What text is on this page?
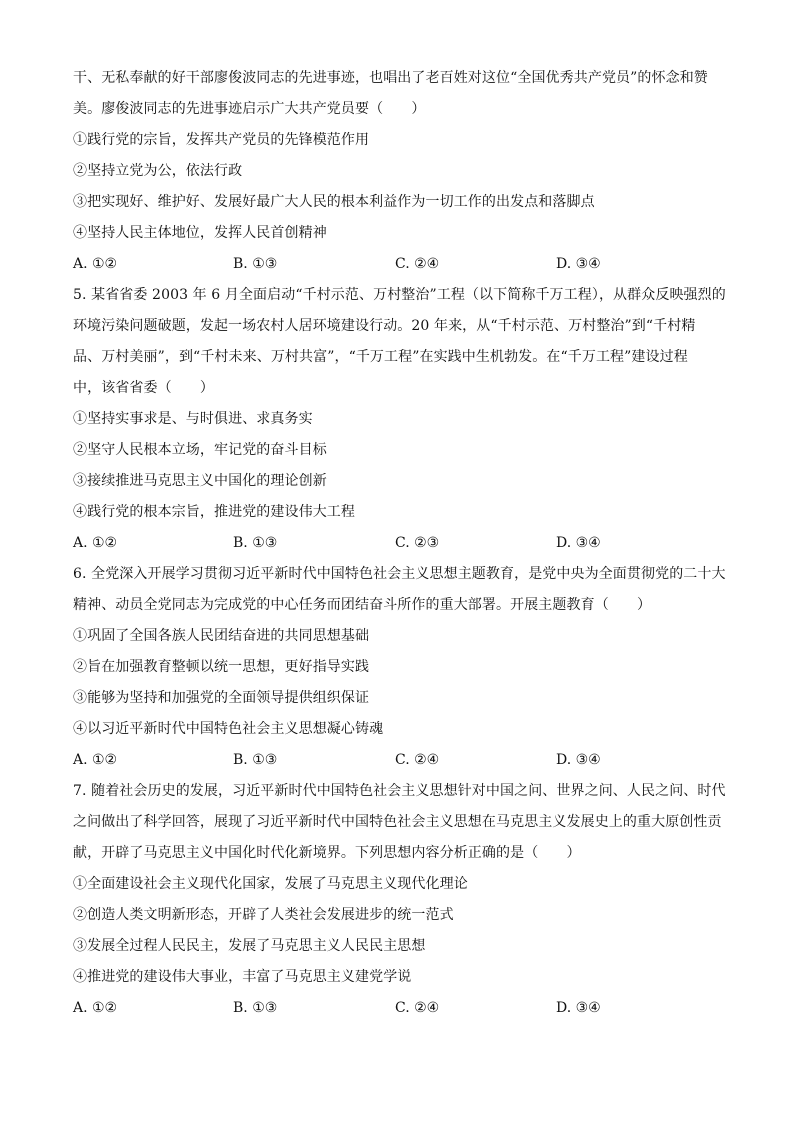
干、无私奉献的好干部廖俊波同志的先进事迹，也唱出了老百姓对这位“全国优秀共产党员”的怀念和赞
美。廖俊波同志的先进事迹启示广大共产党员要（　　）
①践行党的宗旨，发挥共产党员的先锋模范作用
②坚持立党为公，依法行政
③把实现好、维护好、发展好最广大人民的根本利益作为一切工作的出发点和落脚点
④坚持人民主体地位，发挥人民首创精神
A. ①②	B. ①③	C. ②④	D. ③④
5. 某省省委 2003 年 6 月全面启动“千村示范、万村整治”工程（以下简称千万工程），从群众反映强烈的
环境污染问题破题，发起一场农村人居环境建设行动。20 年来，从“千村示范、万村整治”到“千村精
品、万村美丽”，到“千村未来、万村共富”，“千万工程”在实践中生机勃发。在“千万工程”建设过程
中，该省省委（　　）
①坚持实事求是、与时俱进、求真务实
②坚守人民根本立场，牢记党的奋斗目标
③接续推进马克思主义中国化的理论创新
④践行党的根本宗旨，推进党的建设伟大工程
A. ①②	B. ①③	C. ②③	D. ③④
6. 全党深入开展学习贯彻习近平新时代中国特色社会主义思想主题教育，是党中央为全面贯彻党的二十大
精神、动员全党同志为完成党的中心任务而团结奋斗所作的重大部署。开展主题教育（　　）
①巩固了全国各族人民团结奋进的共同思想基础
②旨在加强教育整顿以统一思想，更好指导实践
③能够为坚持和加强党的全面领导提供组织保证
④以习近平新时代中国特色社会主义思想凝心铸魂
A. ①②	B. ①③	C. ②④	D. ③④
7. 随着社会历史的发展，习近平新时代中国特色社会主义思想针对中国之问、世界之问、人民之问、时代
之问做出了科学回答，展现了习近平新时代中国特色社会主义思想在马克思主义发展史上的重大原创性贡
献，开辟了马克思主义中国化时代化新境界。下列思想内容分析正确的是（　　）
①全面建设社会主义现代化国家，发展了马克思主义现代化理论
②创造人类文明新形态，开辟了人类社会发展进步的统一范式
③发展全过程人民民主，发展了马克思主义人民民主思想
④推进党的建设伟大事业，丰富了马克思主义建党学说
A. ①②	B. ①③	C. ②④	D. ③④
